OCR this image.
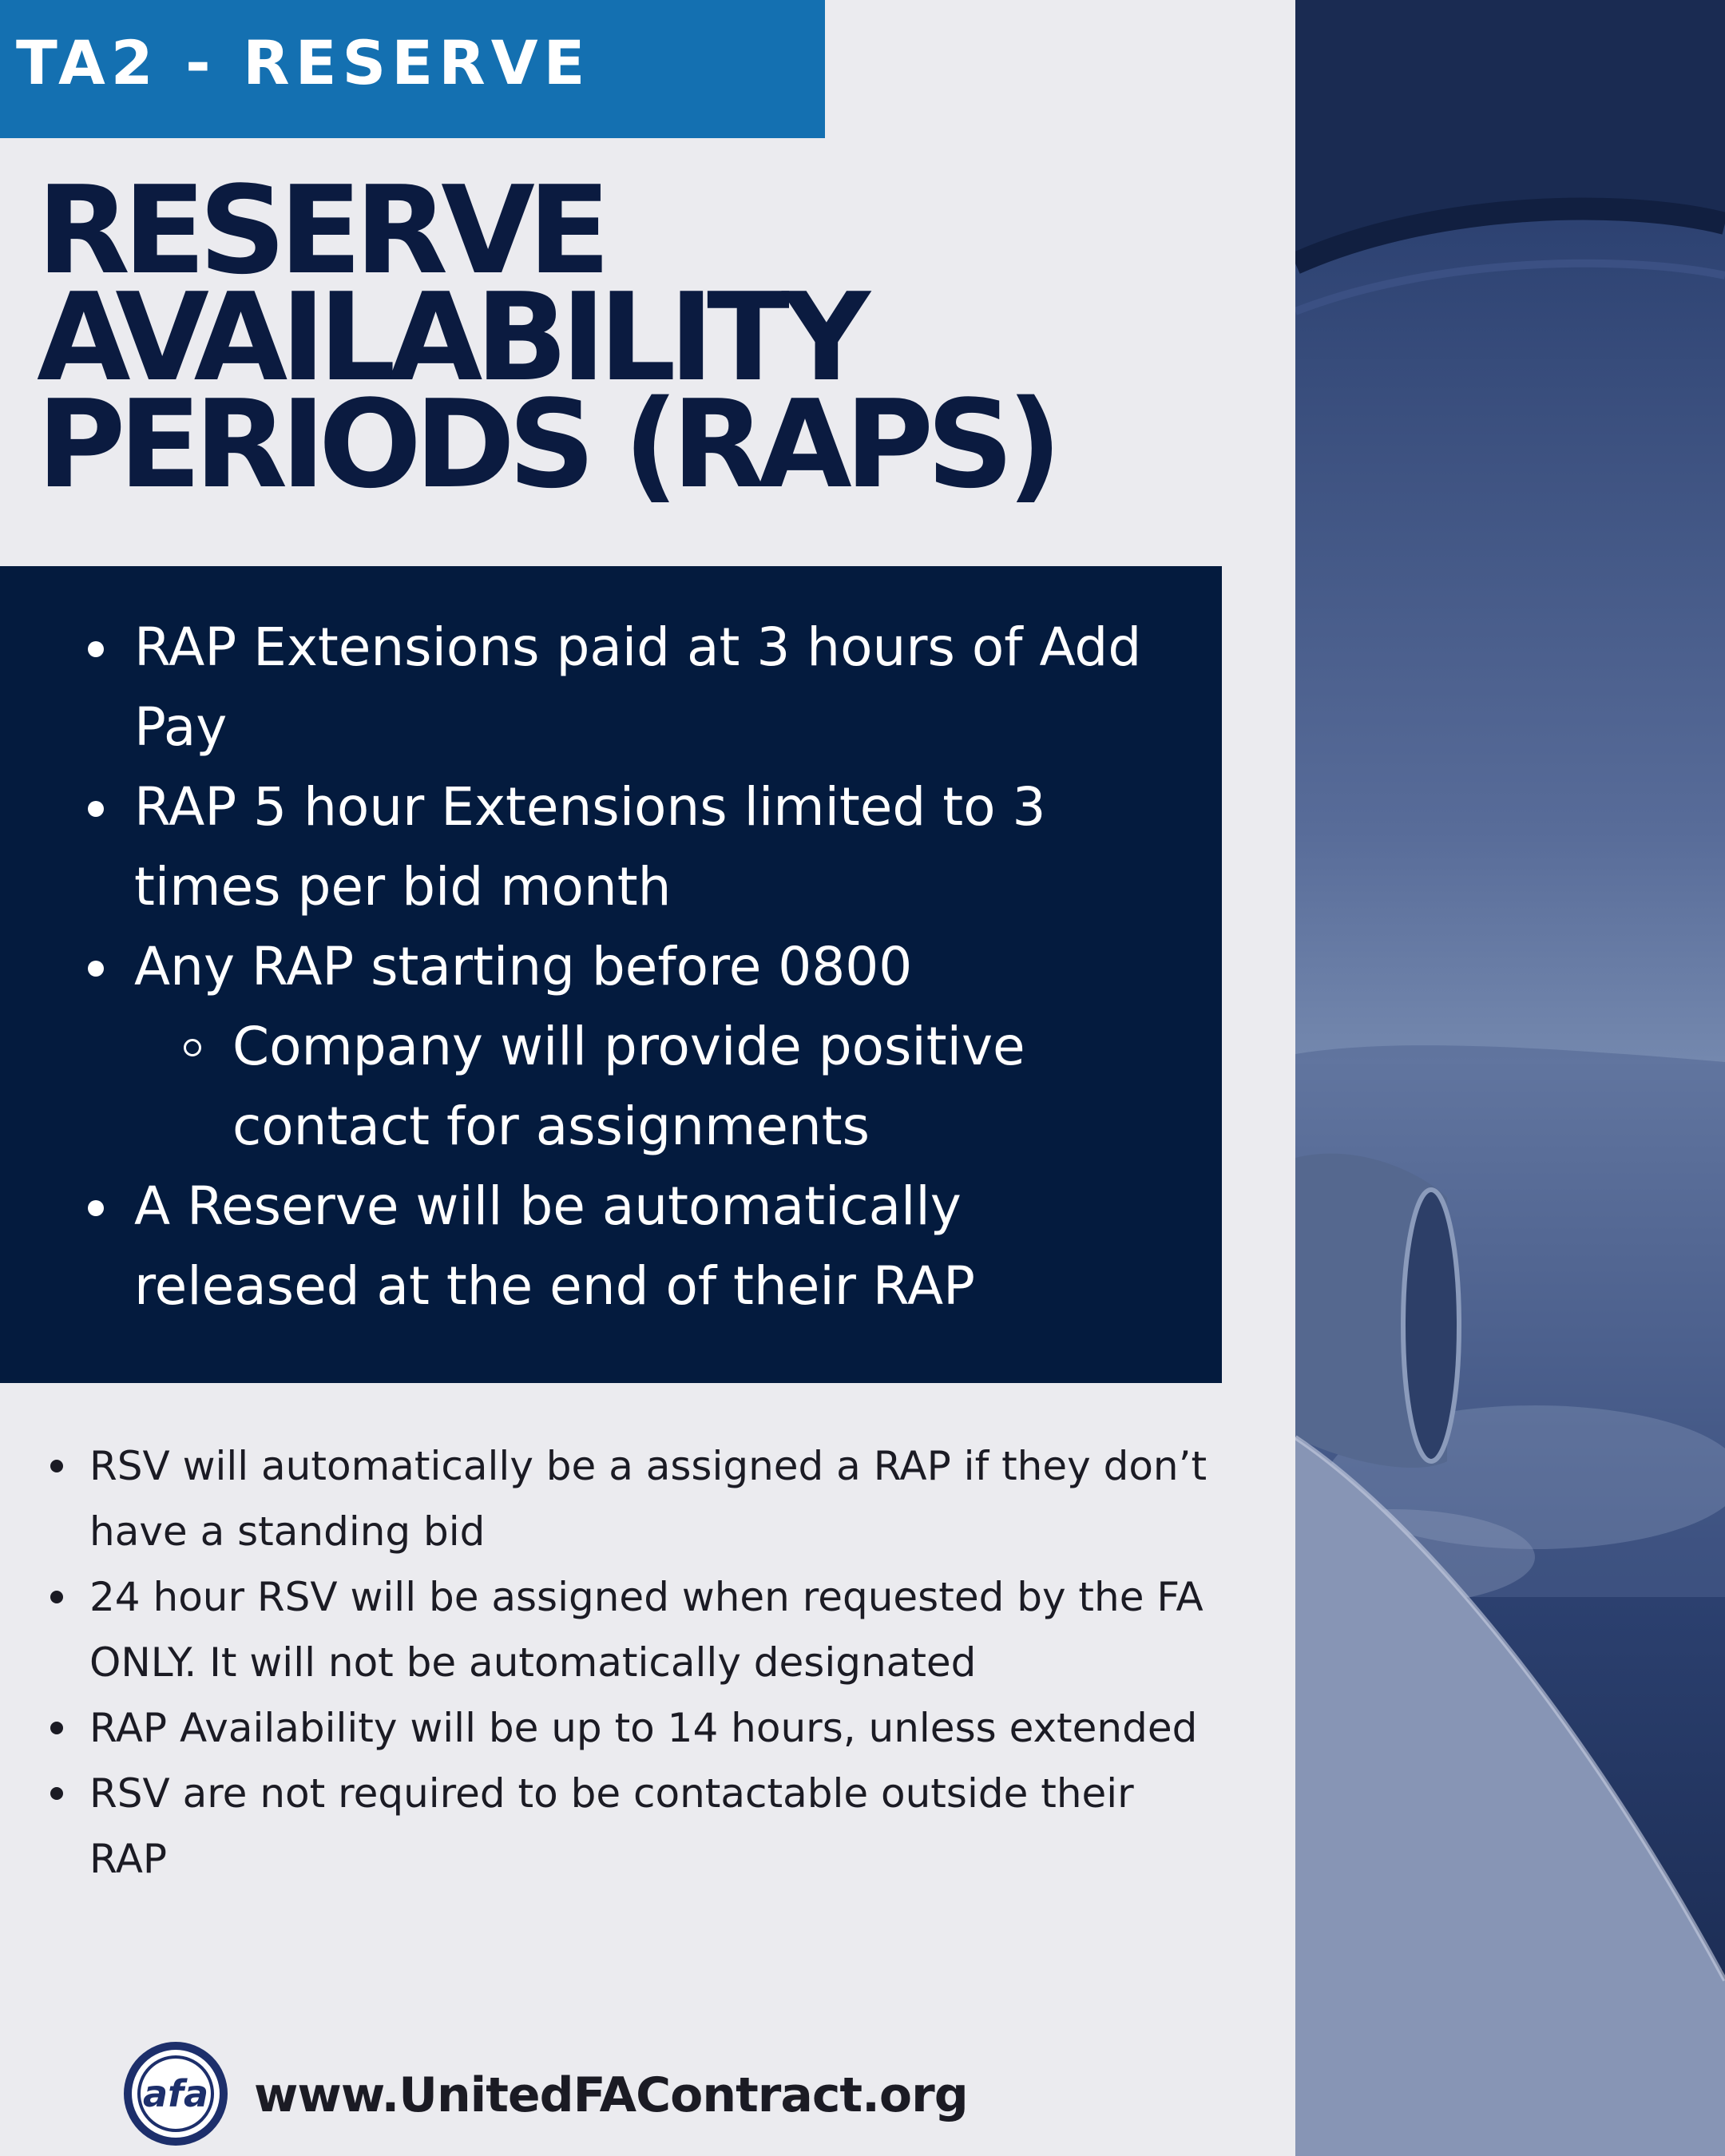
TA2 - RESERVE
RESERVE
AVAILABILITY
PERIODS (RAPS)
RAP Extensions paid at 3 hours of Add Pay
RAP 5 hour Extensions limited to 3 times per bid month
Any RAP starting before 0800
Company will provide positive contact for assignments
A Reserve will be automatically released at the end of their RAP
RSV will automatically be a assigned a RAP if they don’t have a standing bid
24 hour RSV will be assigned when requested by the FA ONLY. It will not be automatically designated
RAP Availability will be up to 14 hours, unless extended
RSV are not required to be contactable outside their RAP
afa www.UnitedFAContract.org
